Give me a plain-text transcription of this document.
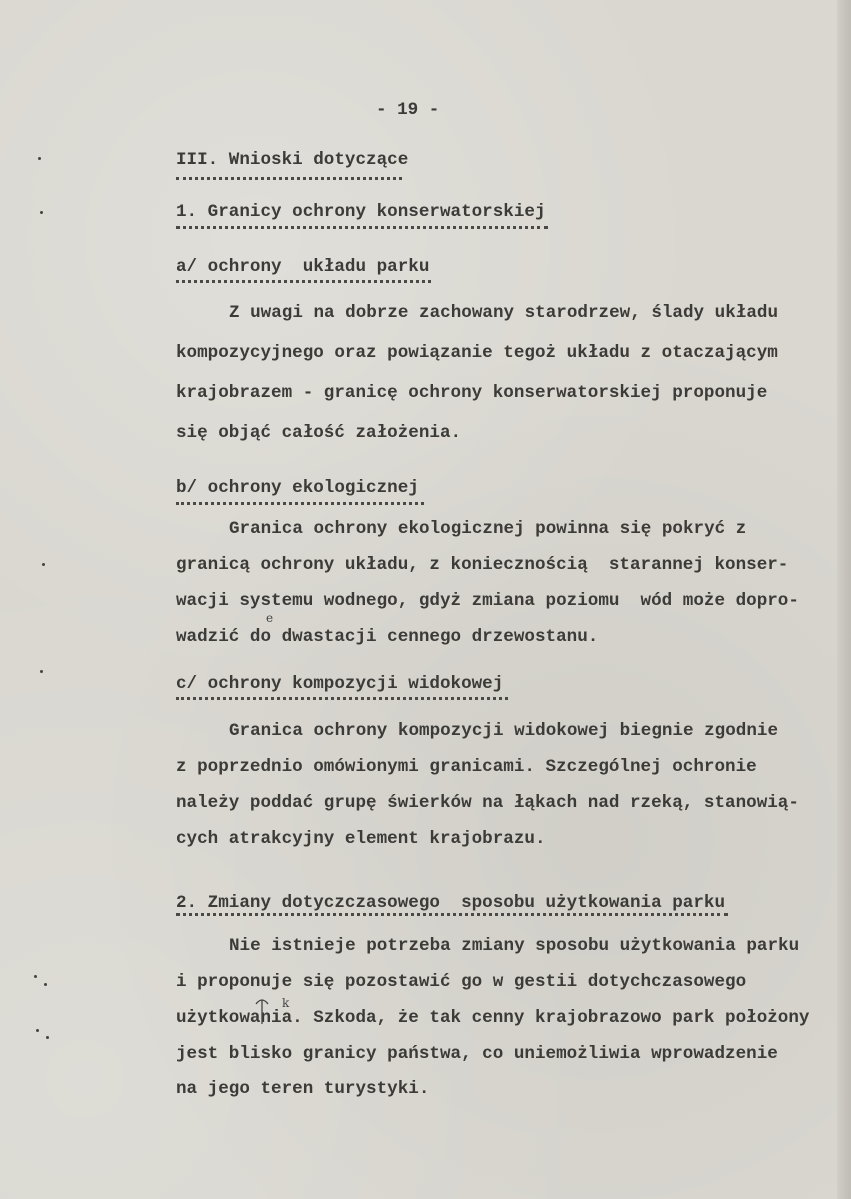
- 19 -
III. Wnioski dotyczące
1. Granicy ochrony konserwatorskiej
a/ ochrony  układu parku
Z uwagi na dobrze zachowany starodrzew, ślady układu
kompozycyjnego oraz powiązanie tegoż układu z otaczającym
krajobrazem - granicę ochrony konserwatorskiej proponuje
się objąć całość założenia.
b/ ochrony ekologicznej
Granica ochrony ekologicznej powinna się pokryć z
granicą ochrony układu, z koniecznością  starannej konser-
wacji systemu wodnego, gdyż zmiana poziomu  wód może dopro-
wadzić do dwastacji cennego drzewostanu.
e
c/ ochrony kompozycji widokowej
Granica ochrony kompozycji widokowej biegnie zgodnie
z poprzednio omówionymi granicami. Szczególnej ochronie
należy poddać grupę świerków na łąkach nad rzeką, stanowią-
cych atrakcyjny element krajobrazu.
2. Zmiany dotyczczasowego  sposobu użytkowania parku
Nie istnieje potrzeba zmiany sposobu użytkowania parku
i proponuje się pozostawić go w gestii dotychczasowego
użytkowania. Szkoda, że tak cenny krajobrazowo park położony
jest blisko granicy państwa, co uniemożliwia wprowadzenie
na jego teren turystyki.
k
